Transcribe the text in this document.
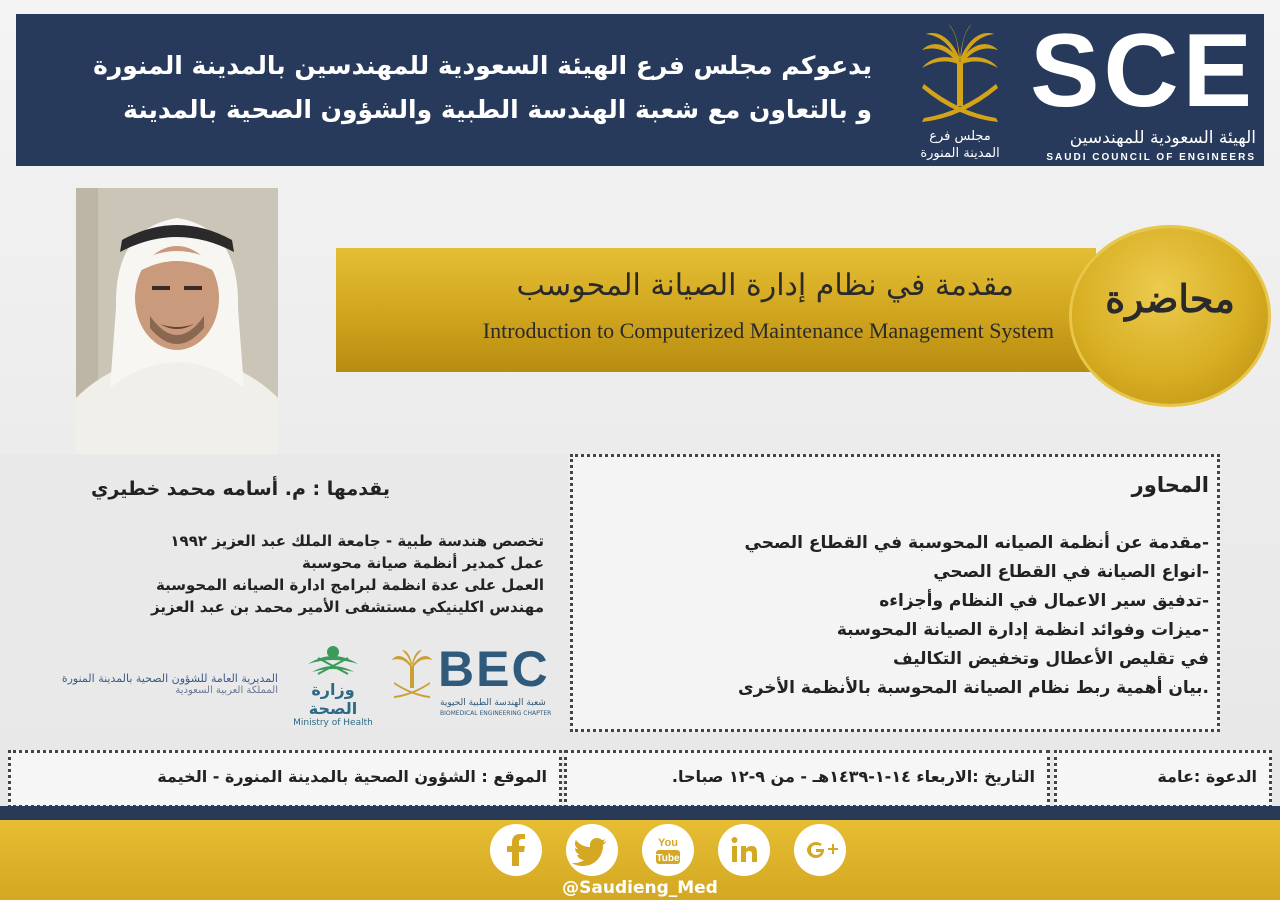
يدعوكم مجلس فرع الهيئة السعودية للمهندسين بالمدينة المنورة
و بالتعاون مع شعبة الهندسة الطبية والشؤون الصحية بالمدينة
مجلس فرع
المدينة المنورة
SCE
الهيئة السعودية للمهندسين
SAUDI COUNCIL OF ENGINEERS
مقدمة في نظام إدارة الصيانة المحوسب
Introduction to Computerized Maintenance Management System
محاضرة
يقدمها : م. أسامه محمد خطيري
تخصص هندسة طبية - جامعة الملك عبد العزيز ١٩٩٢
عمل كمدير أنظمة صيانة محوسبة
العمل على عدة انظمة لبرامج ادارة الصيانه المحوسبة
مهندس اكلينيكي مستشفى الأمير محمد بن عبد العزيز
المديرية العامة للشؤون الصحية بالمدينة المنورة
المملكة العربية السعودية	وزارة الصحة
Ministry of Health
BEC
شعبة الهندسة الطبية الحيوية
BIOMEDICAL ENGINEERING CHAPTER
المحاور
-مقدمة عن أنظمة الصيانه المحوسبة في القطاع الصحي
-انواع الصيانة في القطاع الصحي
-تدفيق سير الاعمال في النظام وأجزاءه
-ميزات وفوائد انظمة إدارة الصيانة المحوسبة
في تقليص الأعطال وتخفيض التكاليف
.بيان أهمية ربط نظام الصيانة المحوسبة بالأنظمة الأخرى
الموقع : الشؤون الصحية بالمدينة المنورة - الخيمة	التاريخ :الاربعاء ١٤-١-١٤٣٩هـ - من ٩-١٢ صباحا.	الدعوة :عامة
You
Tube
@Saudieng_Med
